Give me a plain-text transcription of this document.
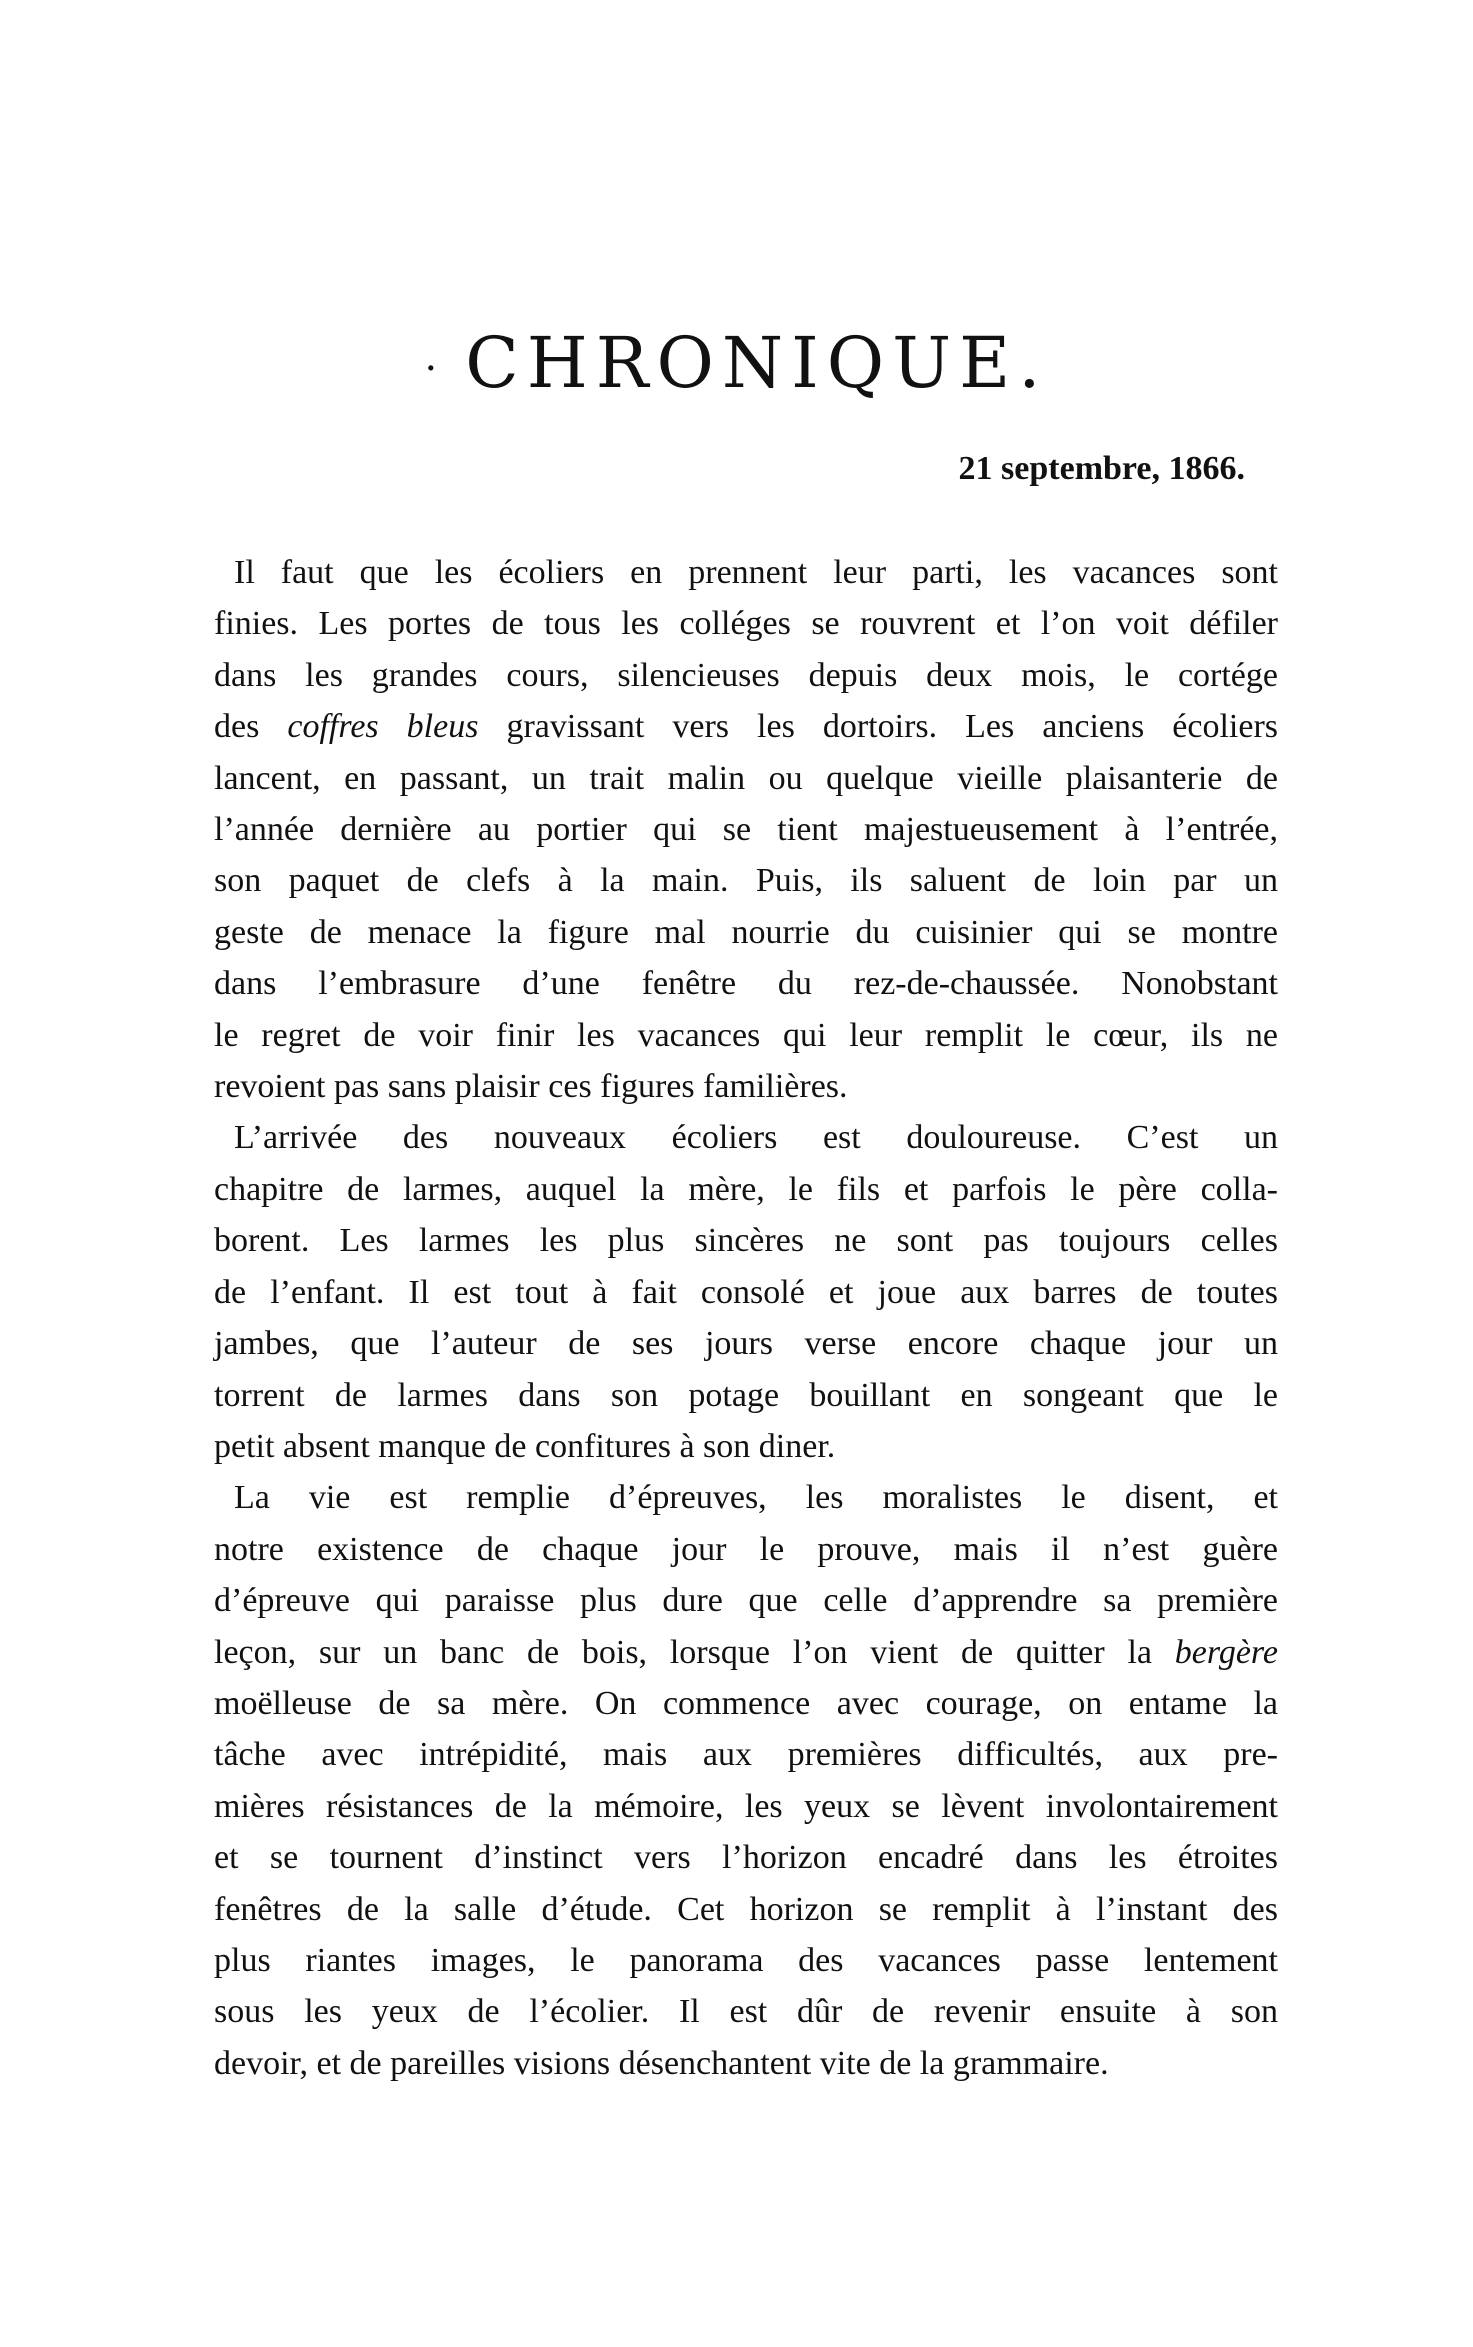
· CHRONIQUE.
21 septembre, 1866.

Il faut que les écoliers en prennent leur parti, les vacances sont

finies. Les portes de tous les colléges se rouvrent et l’on voit défiler

dans les grandes cours, silencieuses depuis deux mois, le cortége

des coffres bleus gravissant vers les dortoirs. Les anciens écoliers

lancent, en passant, un trait malin ou quelque vieille plaisanterie de

l’année dernière au portier qui se tient majestueusement à l’entrée,

son paquet de clefs à la main. Puis, ils saluent de loin par un

geste de menace la figure mal nourrie du cuisinier qui se montre

dans l’embrasure d’une fenêtre du rez-de-chaussée. Nonobstant

le regret de voir finir les vacances qui leur remplit le cœur, ils ne

revoient pas sans plaisir ces figures familières.

L’arrivée des nouveaux écoliers est douloureuse. C’est un

chapitre de larmes, auquel la mère, le fils et parfois le père colla-

borent. Les larmes les plus sincères ne sont pas toujours celles

de l’enfant. Il est tout à fait consolé et joue aux barres de toutes

jambes, que l’auteur de ses jours verse encore chaque jour un

torrent de larmes dans son potage bouillant en songeant que le

petit absent manque de confitures à son diner.

La vie est remplie d’épreuves, les moralistes le disent, et

notre existence de chaque jour le prouve, mais il n’est guère

d’épreuve qui paraisse plus dure que celle d’apprendre sa première

leçon, sur un banc de bois, lorsque l’on vient de quitter la bergère

moëlleuse de sa mère. On commence avec courage, on entame la

tâche avec intrépidité, mais aux premières difficultés, aux pre-

mières résistances de la mémoire, les yeux se lèvent involontairement

et se tournent d’instinct vers l’horizon encadré dans les étroites

fenêtres de la salle d’étude. Cet horizon se remplit à l’instant des

plus riantes images, le panorama des vacances passe lentement

sous les yeux de l’écolier. Il est dûr de revenir ensuite à son

devoir, et de pareilles visions désenchantent vite de la grammaire.
